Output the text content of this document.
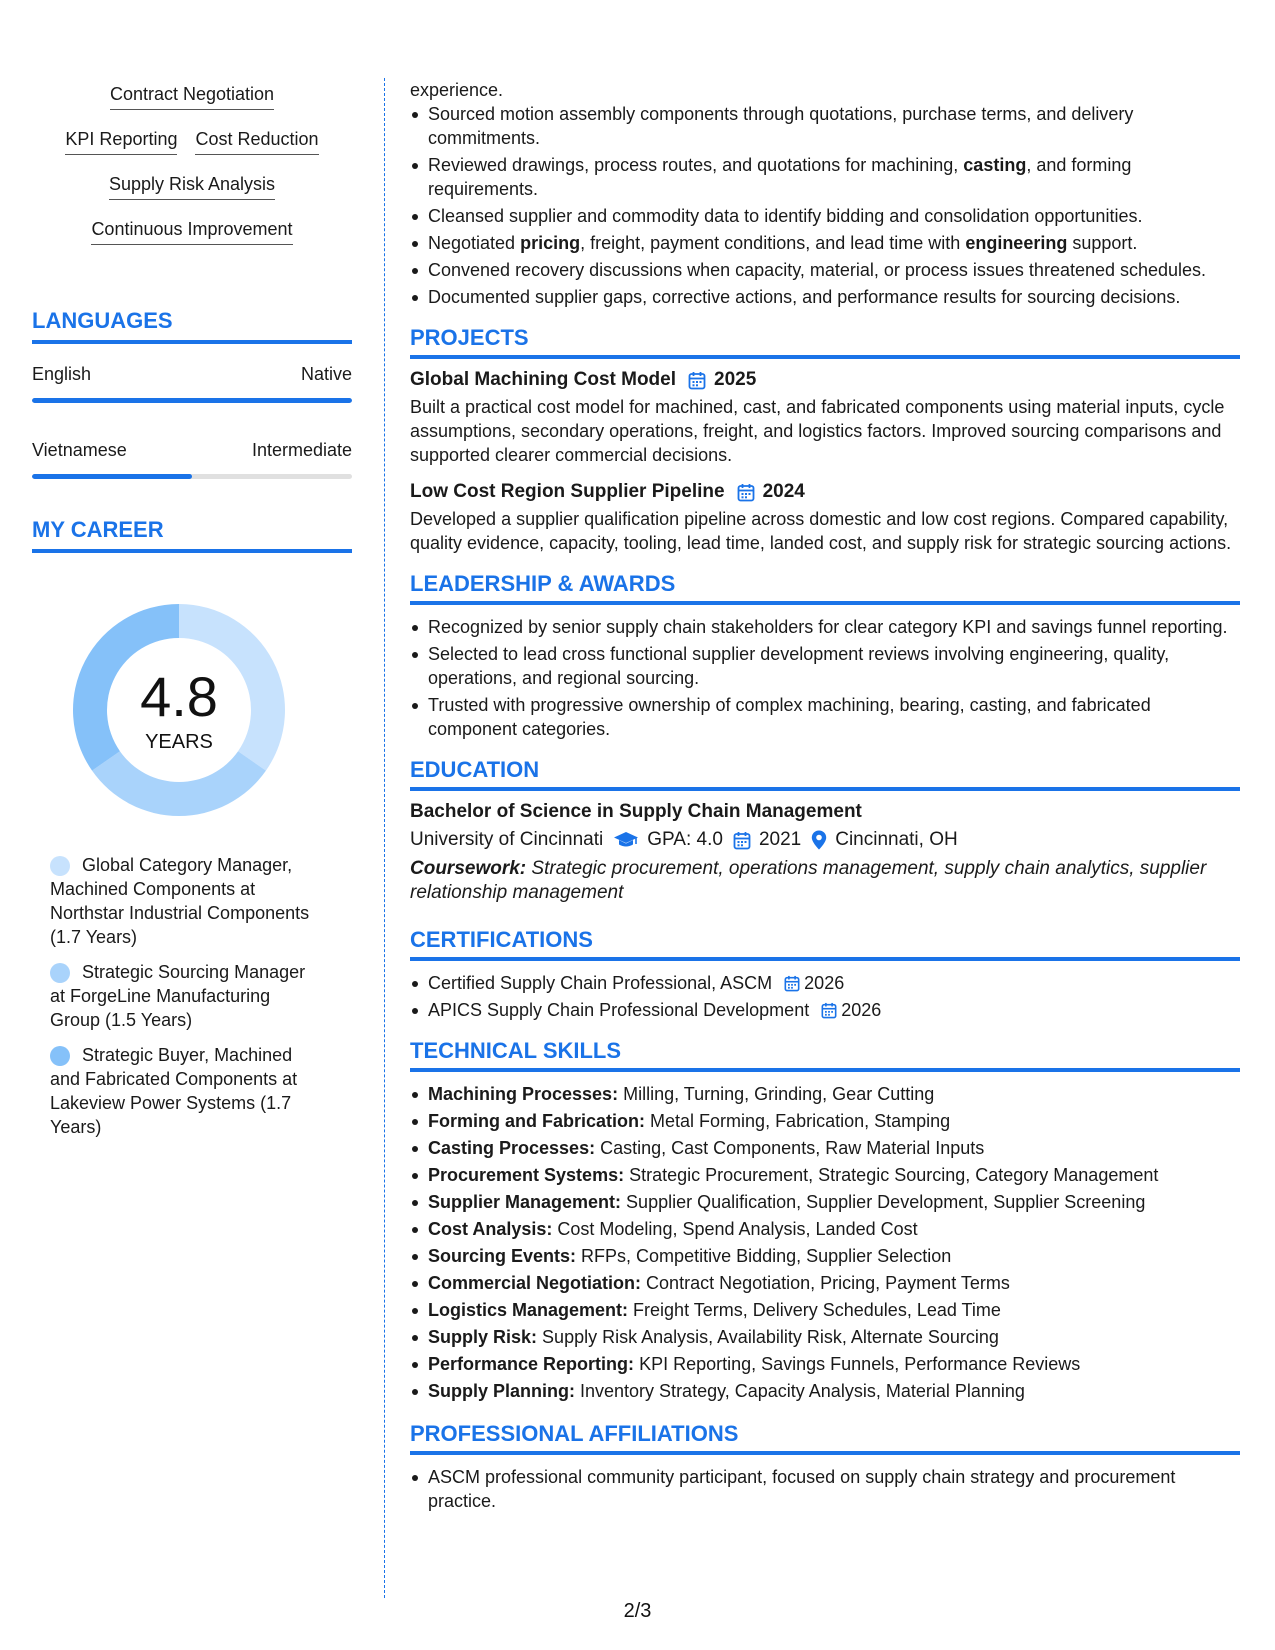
Contract Negotiation
KPI Reporting Cost Reduction
Supply Risk Analysis
Continuous Improvement
LANGUAGES
English	Native
Vietnamese	Intermediate
MY CAREER
4.8
YEARS
Global Category Manager, Machined Components at Northstar Industrial Components (1.7 Years)
Strategic Sourcing Manager at ForgeLine Manufacturing Group (1.5 Years)
Strategic Buyer, Machined and Fabricated Components at Lakeview Power Systems (1.7 Years)
experience.
Sourced motion assembly components through quotations, purchase terms, and delivery commitments.
Reviewed drawings, process routes, and quotations for machining, casting, and forming requirements.
Cleansed supplier and commodity data to identify bidding and consolidation opportunities.
Negotiated pricing, freight, payment conditions, and lead time with engineering support.
Convened recovery discussions when capacity, material, or process issues threatened schedules.
Documented supplier gaps, corrective actions, and performance results for sourcing decisions.
PROJECTS
Global Machining Cost Model 2025
Built a practical cost model for machined, cast, and fabricated components using material inputs, cycle assumptions, secondary operations, freight, and logistics factors. Improved sourcing comparisons and supported clearer commercial decisions.
Low Cost Region Supplier Pipeline 2024
Developed a supplier qualification pipeline across domestic and low cost regions. Compared capability, quality evidence, capacity, tooling, lead time, landed cost, and supply risk for strategic sourcing actions.
LEADERSHIP & AWARDS
Recognized by senior supply chain stakeholders for clear category KPI and savings funnel reporting.
Selected to lead cross functional supplier development reviews involving engineering, quality, operations, and regional sourcing.
Trusted with progressive ownership of complex machining, bearing, casting, and fabricated component categories.
EDUCATION
Bachelor of Science in Supply Chain Management
University of Cincinnati GPA: 4.0 2021 Cincinnati, OH
Coursework: Strategic procurement, operations management, supply chain analytics, supplier relationship management
CERTIFICATIONS
Certified Supply Chain Professional, ASCM 2026
APICS Supply Chain Professional Development 2026
TECHNICAL SKILLS
Machining Processes: Milling, Turning, Grinding, Gear Cutting
Forming and Fabrication: Metal Forming, Fabrication, Stamping
Casting Processes: Casting, Cast Components, Raw Material Inputs
Procurement Systems: Strategic Procurement, Strategic Sourcing, Category Management
Supplier Management: Supplier Qualification, Supplier Development, Supplier Screening
Cost Analysis: Cost Modeling, Spend Analysis, Landed Cost
Sourcing Events: RFPs, Competitive Bidding, Supplier Selection
Commercial Negotiation: Contract Negotiation, Pricing, Payment Terms
Logistics Management: Freight Terms, Delivery Schedules, Lead Time
Supply Risk: Supply Risk Analysis, Availability Risk, Alternate Sourcing
Performance Reporting: KPI Reporting, Savings Funnels, Performance Reviews
Supply Planning: Inventory Strategy, Capacity Analysis, Material Planning
PROFESSIONAL AFFILIATIONS
ASCM professional community participant, focused on supply chain strategy and procurement practice.
2/3
